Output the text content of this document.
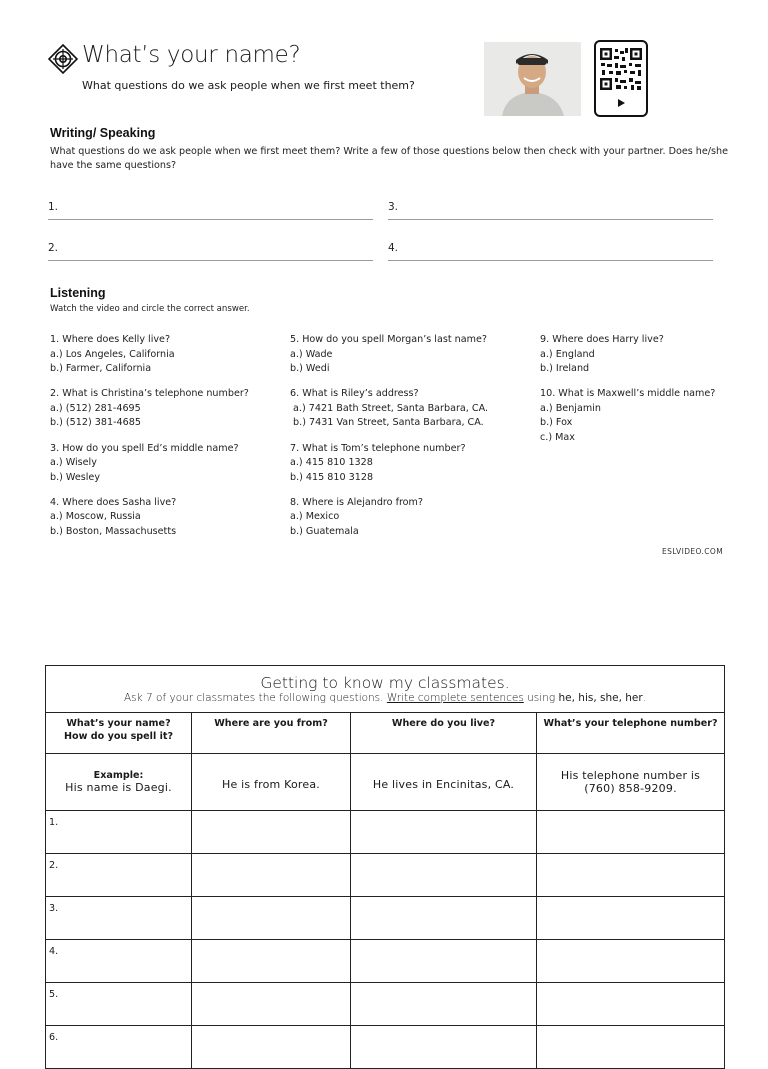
What’s your name?
What questions do we ask people when we first meet them?
Writing/ Speaking
What questions do we ask people when we first meet them? Write a few of those questions below then check with your partner. Does he/she have the same questions?
1.	3.
2.	4.
Listening
Watch the video and circle the correct answer.
1. Where does Kelly live?
a.) Los Angeles, California
b.) Farmer, California
2. What is Christina’s telephone number?
a.) (512) 281-4695
b.) (512) 381-4685
3. How do you spell Ed’s middle name?
a.) Wisely
b.) Wesley
4. Where does Sasha live?
a.) Moscow, Russia
b.) Boston, Massachusetts
5. How do you spell Morgan’s last name?
a.) Wade
b.) Wedi
6. What is Riley’s address?
a.) 7421 Bath Street, Santa Barbara, CA.
b.) 7431 Van Street, Santa Barbara, CA.
7. What is Tom’s telephone number?
a.) 415 810 1328
b.) 415 810 3128
8. Where is Alejandro from?
a.) Mexico
b.) Guatemala
9. Where does Harry live?
a.) England
b.) Ireland
10. What is Maxwell’s middle name?
a.) Benjamin
b.) Fox
c.) Max
ESLVIDEO.COM
Getting to know my classmates.
Ask 7 of your classmates the following questions. Write complete sentences using he, his, she, her.			

What’s your name?
How do you spell it?	Where are you from?	Where do you live?	What’s your telephone number?

Example:
His name is Daegi.	He is from Korea.	He lives in Encinitas, CA.	His telephone number is (760) 858-9209.

1.			
2.			
3.			
4.			
5.			
6.			
